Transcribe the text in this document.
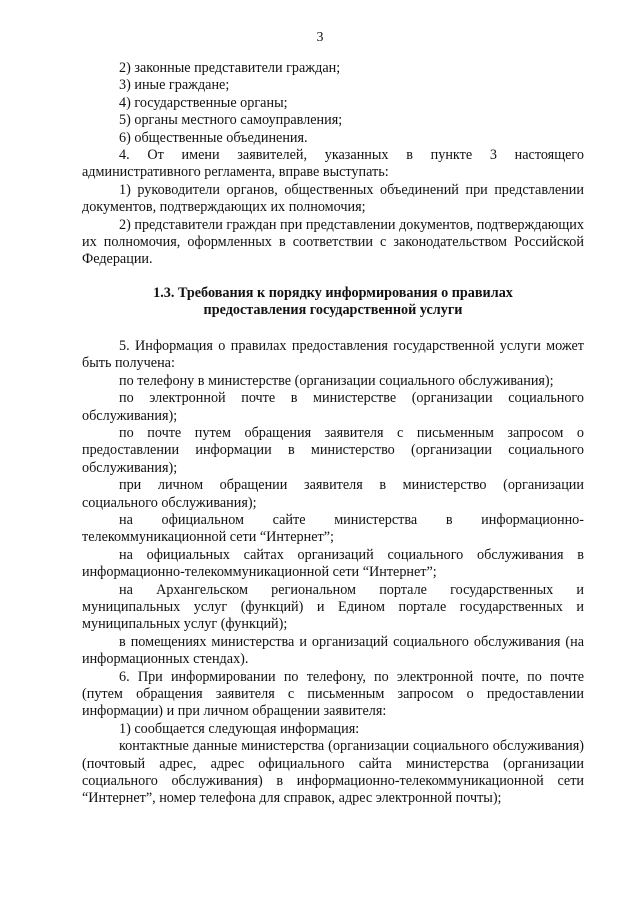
3

2) законные представители граждан;

3) иные граждане;

4) государственные органы;

5) органы местного самоуправления;

6) общественные объединения.

4. От имени заявителей, указанных в пункте 3 настоящего административного регламента, вправе выступать:

1) руководители органов, общественных объединений при представлении документов, подтверждающих их полномочия;

2) представители граждан при представлении документов, подтверждающих их полномочия, оформленных в соответствии с законодательством Российской Федерации.

1.3. Требования к порядку информирования о правилах
предоставления государственной услуги

5. Информация о правилах предоставления государственной услуги может быть получена:

по телефону в министерстве (организации социального обслуживания);

по электронной почте в министерстве (организации социального обслуживания);

по почте путем обращения заявителя с письменным запросом о предоставлении информации в министерство (организации социального обслуживания);

при личном обращении заявителя в министерство (организации социального обслуживания);

на официальном сайте министерства в информационно-телекоммуникационной сети “Интернет”;

на официальных сайтах организаций социального обслуживания в информационно-телекоммуникационной сети “Интернет”;

на Архангельском региональном портале государственных и муниципальных услуг (функций) и Едином портале государственных и муниципальных услуг (функций);

в помещениях министерства и организаций социального обслуживания (на информационных стендах).

6. При информировании по телефону, по электронной почте, по почте (путем обращения заявителя с письменным запросом о предоставлении информации) и при личном обращении заявителя:

1) сообщается следующая информация:

контактные данные министерства (организации социального обслуживания) (почтовый адрес, адрес официального сайта министерства (организации социального обслуживания) в информационно-телекоммуникационной сети “Интернет”, номер телефона для справок, адрес электронной почты);
